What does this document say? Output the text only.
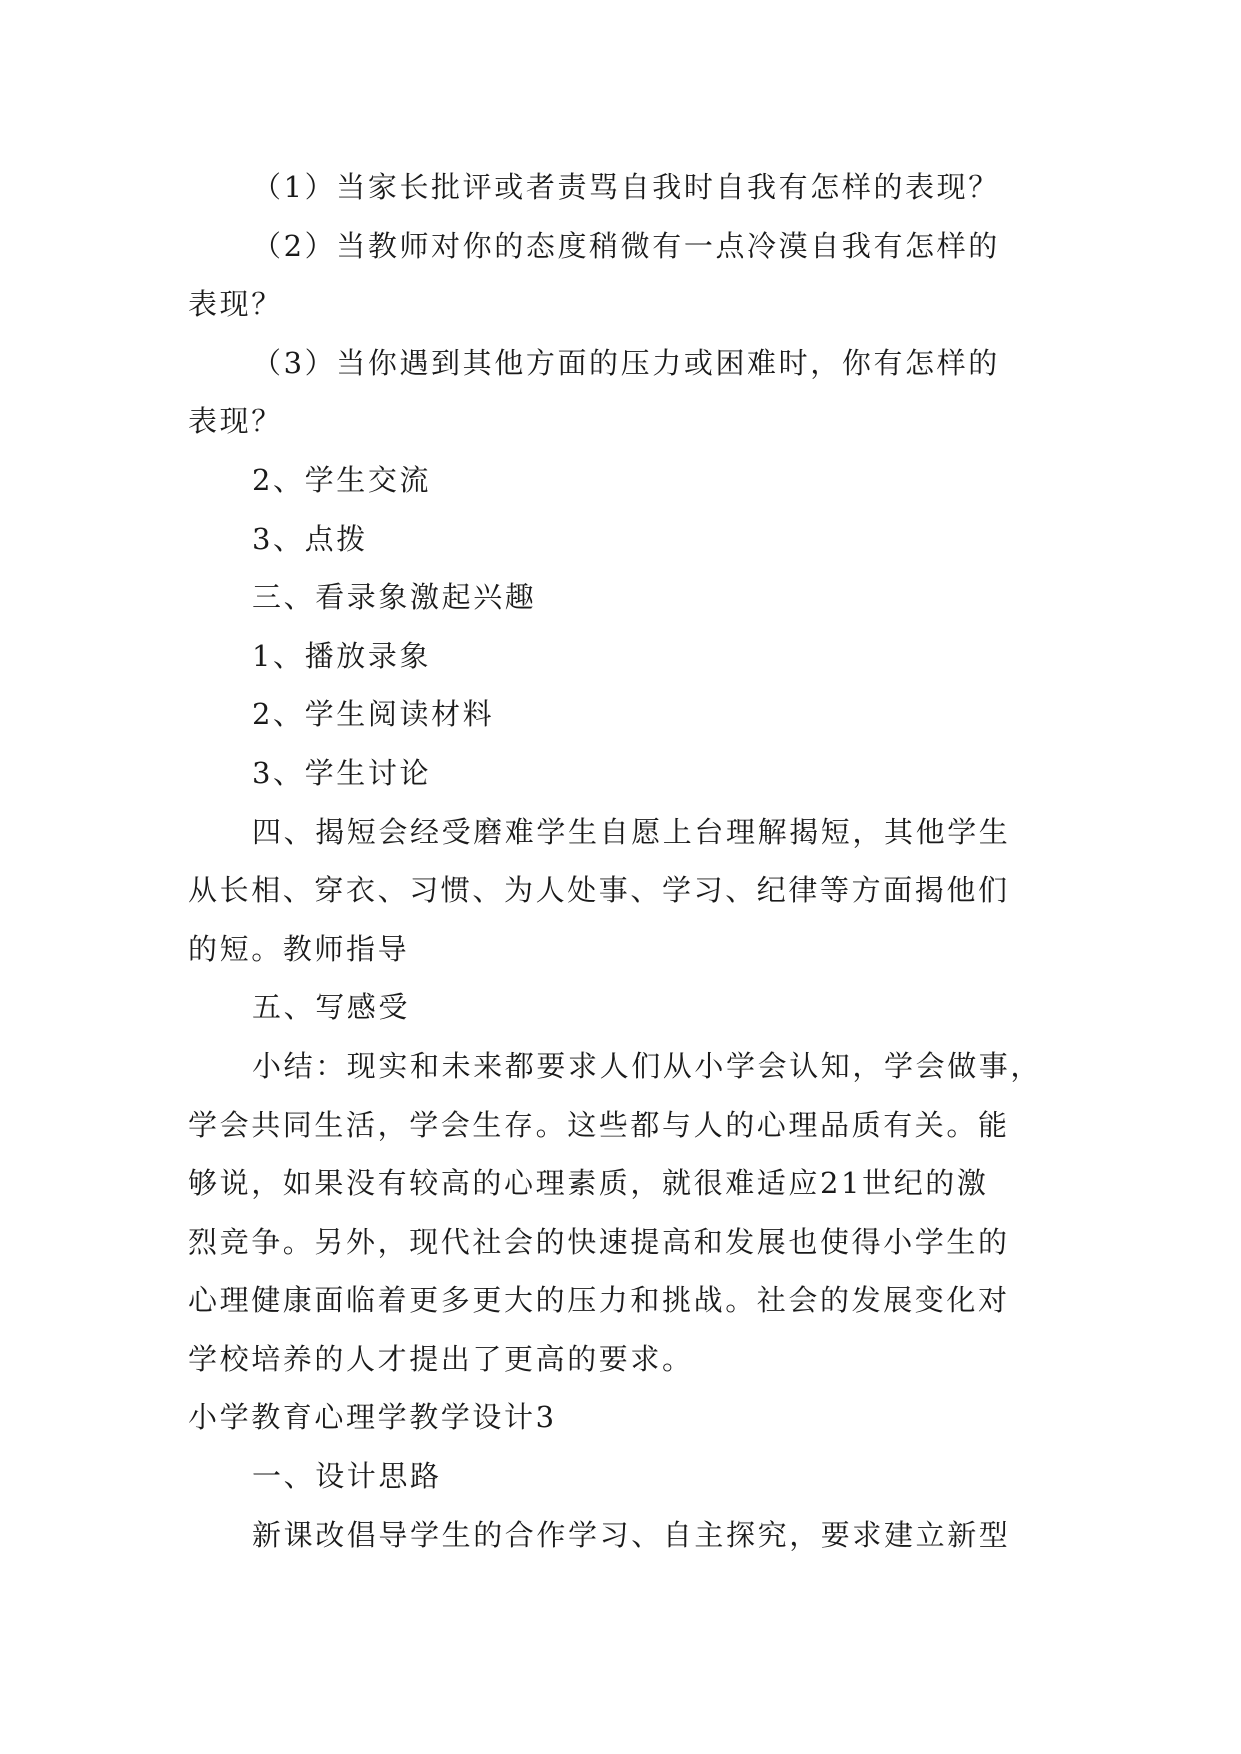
（1）当家长批评或者责骂自我时自我有怎样的表现？
（2）当教师对你的态度稍微有一点冷漠自我有怎样的
表现？
（3）当你遇到其他方面的压力或困难时，你有怎样的
表现？
2、学生交流
3、点拨
三、看录象激起兴趣
1、播放录象
2、学生阅读材料
3、学生讨论
四、揭短会经受磨难学生自愿上台理解揭短，其他学生
从长相、穿衣、习惯、为人处事、学习、纪律等方面揭他们
的短。教师指导
五、写感受
小结：现实和未来都要求人们从小学会认知，学会做事，
学会共同生活，学会生存。这些都与人的心理品质有关。能
够说，如果没有较高的心理素质，就很难适应21世纪的激
烈竞争。另外，现代社会的快速提高和发展也使得小学生的
心理健康面临着更多更大的压力和挑战。社会的发展变化对
学校培养的人才提出了更高的要求。
小学教育心理学教学设计3
一、设计思路
新课改倡导学生的合作学习、自主探究，要求建立新型
